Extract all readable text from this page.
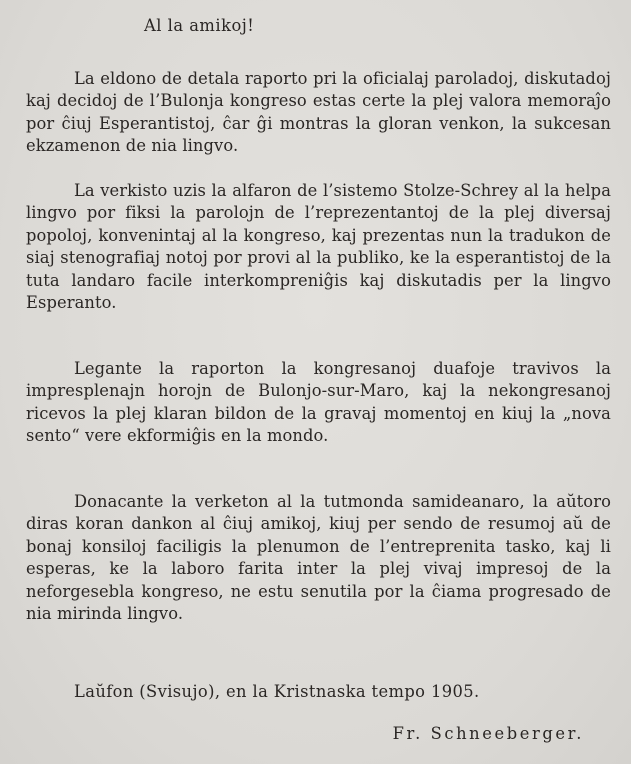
Al la amikoj!

La eldono de detala raporto pri la oficialaj paroladoj, diskutadoj kaj decidoj de l’Bulonja kongreso estas certe la plej valora memoraĵo por ĉiuj Esperantistoj, ĉar ĝi montras la gloran venkon, la sukcesan ekzamenon de nia lingvo.

La verkisto uzis la alfaron de l’sistemo Stolze-Schrey al la helpa lingvo por fiksi la parolojn de l’reprezentantoj de la plej diversaj popoloj, konvenintaj al la kongreso, kaj prezentas nun la tradukon de siaj stenografiaj notoj por provi al la publiko, ke la esperantistoj de la tuta landaro facile interkompreniĝis kaj diskutadis per la lingvo Esperanto.

Legante la raporton la kongresanoj duafoje travivos la impresplenajn horojn de Bulonjo-sur-Maro, kaj la nekongresanoj ricevos la plej klaran bildon de la gravaj momentoj en kiuj la „nova sento“ vere ekformiĝis en la mondo.

Donacante la verketon al la tutmonda samideanaro, la aŭtoro diras koran dankon al ĉiuj amikoj, kiuj per sendo de resumoj aŭ de bonaj konsiloj faciligis la plenumon de l’entreprenita tasko, kaj li esperas, ke la laboro farita inter la plej vivaj impresoj de la neforgesebla kongreso, ne estu senutila por la ĉiama progresado de nia mirinda lingvo.

Laŭfon (Svisujo), en la Kristnaska tempo 1905.
Fr. Schneeberger.
